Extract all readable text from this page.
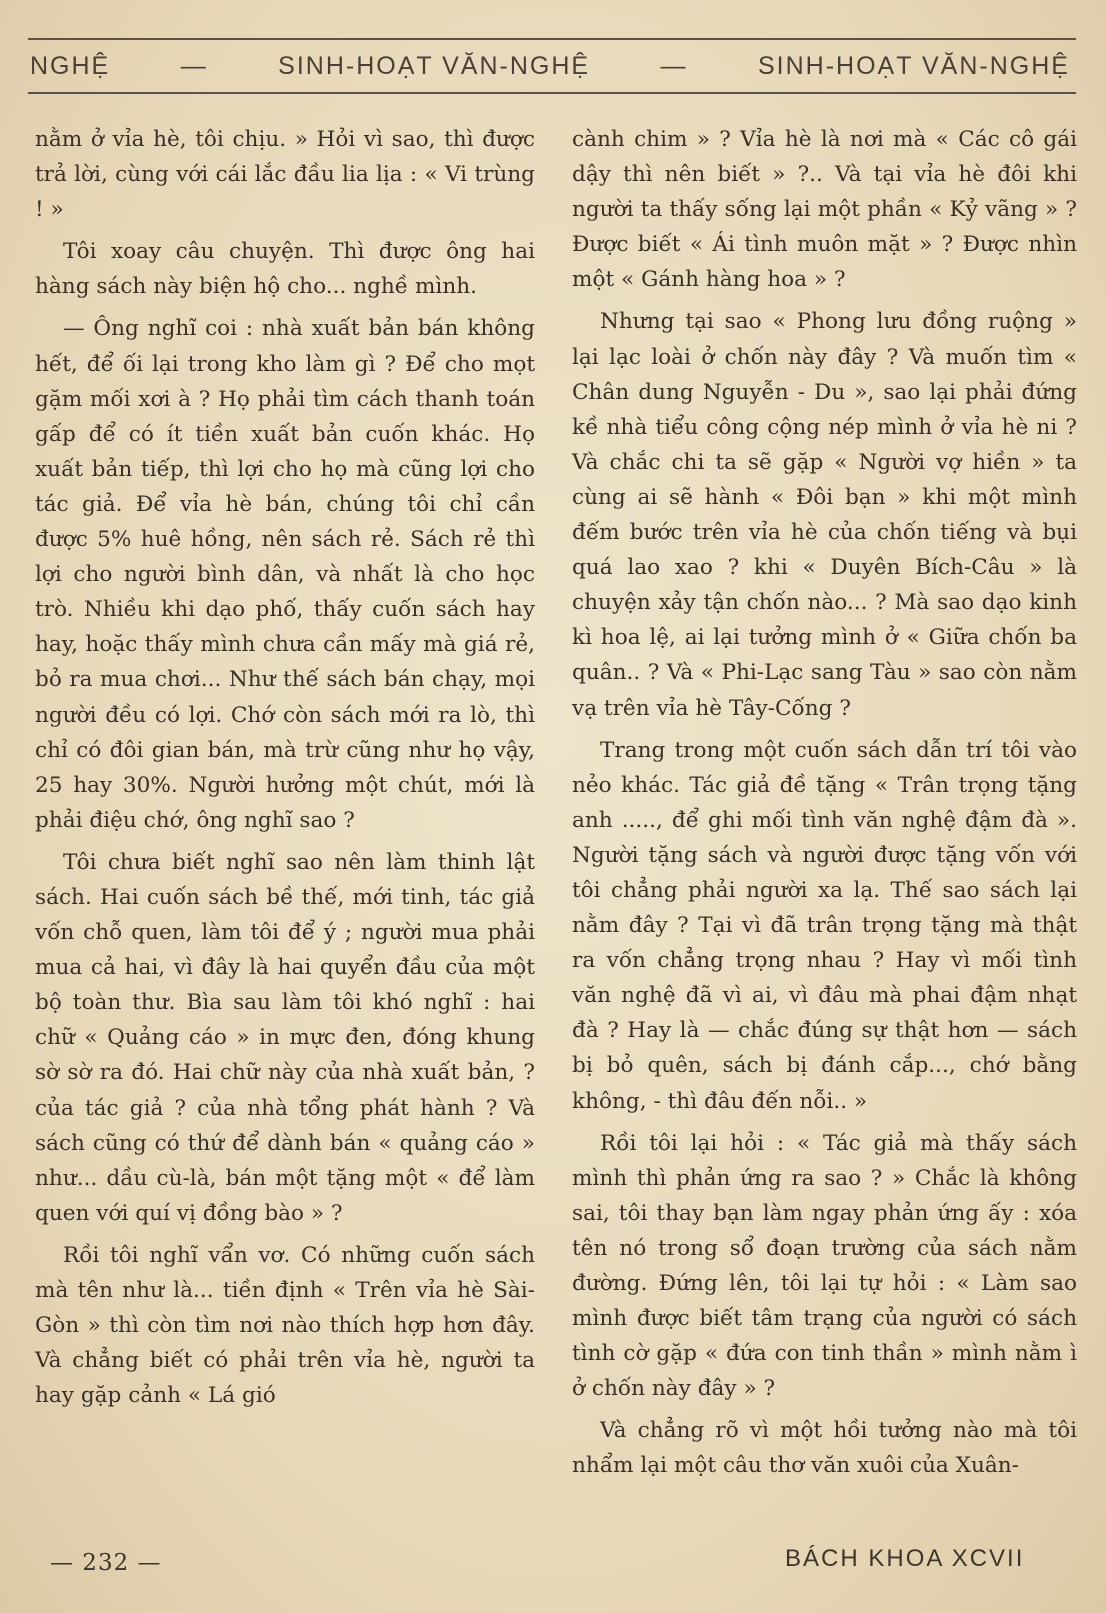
NGHỆ	—	SINH-HOẠT VĂN-NGHỆ	—	SINH-HOẠT VĂN-NGHỆ

nằm ở vỉa hè, tôi chịu. » Hỏi vì sao, thì được trả lời, cùng với cái lắc đầu lia lịa : « Vi trùng ! »

Tôi xoay câu chuyện. Thì được ông hai hàng sách này biện hộ cho... nghề mình.

— Ông nghĩ coi : nhà xuất bản bán không hết, để ối lại trong kho làm gì ? Để cho mọt gặm mối xơi à ? Họ phải tìm cách thanh toán gấp để có ít tiền xuất bản cuốn khác. Họ xuất bản tiếp, thì lợi cho họ mà cũng lợi cho tác giả. Để vỉa hè bán, chúng tôi chỉ cần được 5% huê hồng, nên sách rẻ. Sách rẻ thì lợi cho người bình dân, và nhất là cho học trò. Nhiều khi dạo phố, thấy cuốn sách hay hay, hoặc thấy mình chưa cần mấy mà giá rẻ, bỏ ra mua chơi... Như thế sách bán chạy, mọi người đều có lợi. Chớ còn sách mới ra lò, thì chỉ có đôi gian bán, mà trừ cũng như họ vậy, 25 hay 30%. Người hưởng một chút, mới là phải điệu chớ, ông nghĩ sao ?

Tôi chưa biết nghĩ sao nên làm thinh lật sách. Hai cuốn sách bề thế, mới tinh, tác giả vốn chỗ quen, làm tôi để ý ; người mua phải mua cả hai, vì đây là hai quyển đầu của một bộ toàn thư. Bìa sau làm tôi khó nghĩ : hai chữ « Quảng cáo » in mực đen, đóng khung sờ sờ ra đó. Hai chữ này của nhà xuất bản, ? của tác giả ? của nhà tổng phát hành ? Và sách cũng có thứ để dành bán « quảng cáo » như... dầu cù-là, bán một tặng một « để làm quen với quí vị đồng bào » ?

Rồi tôi nghĩ vẩn vơ. Có những cuốn sách mà tên như là... tiền định « Trên vỉa hè Sài-Gòn » thì còn tìm nơi nào thích hợp hơn đây. Và chẳng biết có phải trên vỉa hè, người ta hay gặp cảnh « Lá gió

cành chim » ? Vỉa hè là nơi mà « Các cô gái dậy thì nên biết » ?.. Và tại vỉa hè đôi khi người ta thấy sống lại một phần « Kỷ vãng » ? Được biết « Ái tình muôn mặt » ? Được nhìn một « Gánh hàng hoa » ?

Nhưng tại sao « Phong lưu đồng ruộng » lại lạc loài ở chốn này đây ? Và muốn tìm « Chân dung Nguyễn - Du », sao lại phải đứng kề nhà tiểu công cộng nép mình ở vỉa hè ni ? Và chắc chi ta sẽ gặp « Người vợ hiền » ta cùng ai sẽ hành « Đôi bạn » khi một mình đếm bước trên vỉa hè của chốn tiếng và bụi quá lao xao ? khi « Duyên Bích-Câu » là chuyện xảy tận chốn nào... ? Mà sao dạo kinh kì hoa lệ, ai lại tưởng mình ở « Giữa chốn ba quân.. ? Và « Phi-Lạc sang Tàu » sao còn nằm vạ trên vỉa hè Tây-Cống ?

Trang trong một cuốn sách dẫn trí tôi vào nẻo khác. Tác giả đề tặng « Trân trọng tặng anh ....., để ghi mối tình văn nghệ đậm đà ». Người tặng sách và người được tặng vốn với tôi chẳng phải người xa lạ. Thế sao sách lại nằm đây ? Tại vì đã trân trọng tặng mà thật ra vốn chẳng trọng nhau ? Hay vì mối tình văn nghệ đã vì ai, vì đâu mà phai đậm nhạt đà ? Hay là — chắc đúng sự thật hơn — sách bị bỏ quên, sách bị đánh cắp..., chớ bằng không, - thì đâu đến nỗi.. »

Rồi tôi lại hỏi : « Tác giả mà thấy sách mình thì phản ứng ra sao ? » Chắc là không sai, tôi thay bạn làm ngay phản ứng ấy : xóa tên nó trong sổ đoạn trường của sách nằm đường. Đứng lên, tôi lại tự hỏi : « Làm sao mình được biết tâm trạng của người có sách tình cờ gặp « đứa con tinh thần » mình nằm ì ở chốn này đây » ?

Và chẳng rõ vì một hồi tưởng nào mà tôi nhẩm lại một câu thơ văn xuôi của Xuân-

— 232 —	BÁCH KHOA XCVII
